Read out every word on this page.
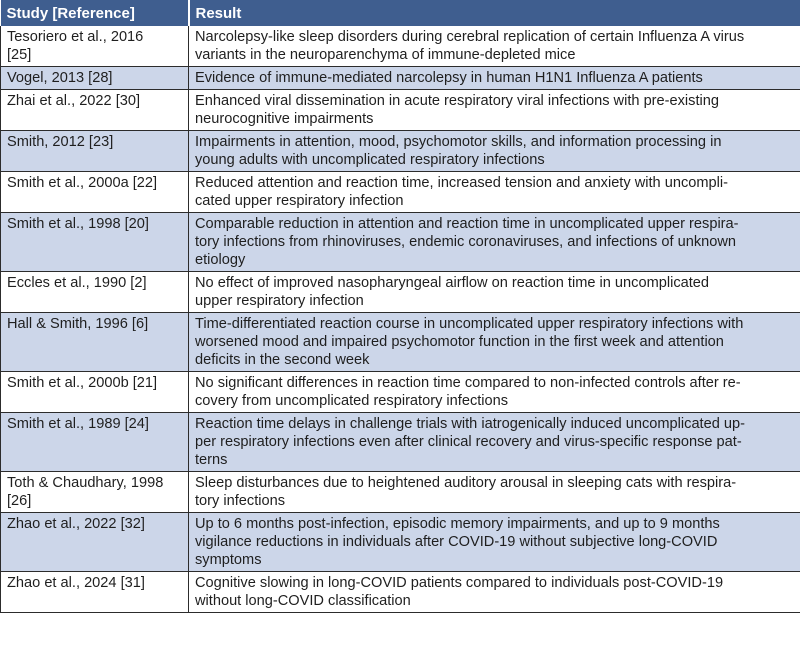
Study [Reference]	Result
Tesoriero et al., 2016
[25]	Narcolepsy-like sleep disorders during cerebral replication of certain Influenza A virus
variants in the neuroparenchyma of immune-depleted mice
Vogel, 2013 [28]	Evidence of immune-mediated narcolepsy in human H1N1 Influenza A patients
Zhai et al., 2022 [30]	Enhanced viral dissemination in acute respiratory viral infections with pre-existing
neurocognitive impairments
Smith, 2012 [23]	Impairments in attention, mood, psychomotor skills, and information processing in
young adults with uncomplicated respiratory infections
Smith et al., 2000a [22]	Reduced attention and reaction time, increased tension and anxiety with uncompli-
cated upper respiratory infection
Smith et al., 1998 [20]	Comparable reduction in attention and reaction time in uncomplicated upper respira-
tory infections from rhinoviruses, endemic coronaviruses, and infections of unknown
etiology
Eccles et al., 1990 [2]	No effect of improved nasopharyngeal airflow on reaction time in uncomplicated
upper respiratory infection
Hall & Smith, 1996 [6]	Time-differentiated reaction course in uncomplicated upper respiratory infections with
worsened mood and impaired psychomotor function in the first week and attention
deficits in the second week
Smith et al., 2000b [21]	No significant differences in reaction time compared to non-infected controls after re-
covery from uncomplicated respiratory infections
Smith et al., 1989 [24]	Reaction time delays in challenge trials with iatrogenically induced uncomplicated up-
per respiratory infections even after clinical recovery and virus-specific response pat-
terns
Toth & Chaudhary, 1998
[26]	Sleep disturbances due to heightened auditory arousal in sleeping cats with respira-
tory infections
Zhao et al., 2022 [32]	Up to 6 months post-infection, episodic memory impairments, and up to 9 months
vigilance reductions in individuals after COVID-19 without subjective long-COVID
symptoms
Zhao et al., 2024 [31]	Cognitive slowing in long-COVID patients compared to individuals post-COVID-19
without long-COVID classification
